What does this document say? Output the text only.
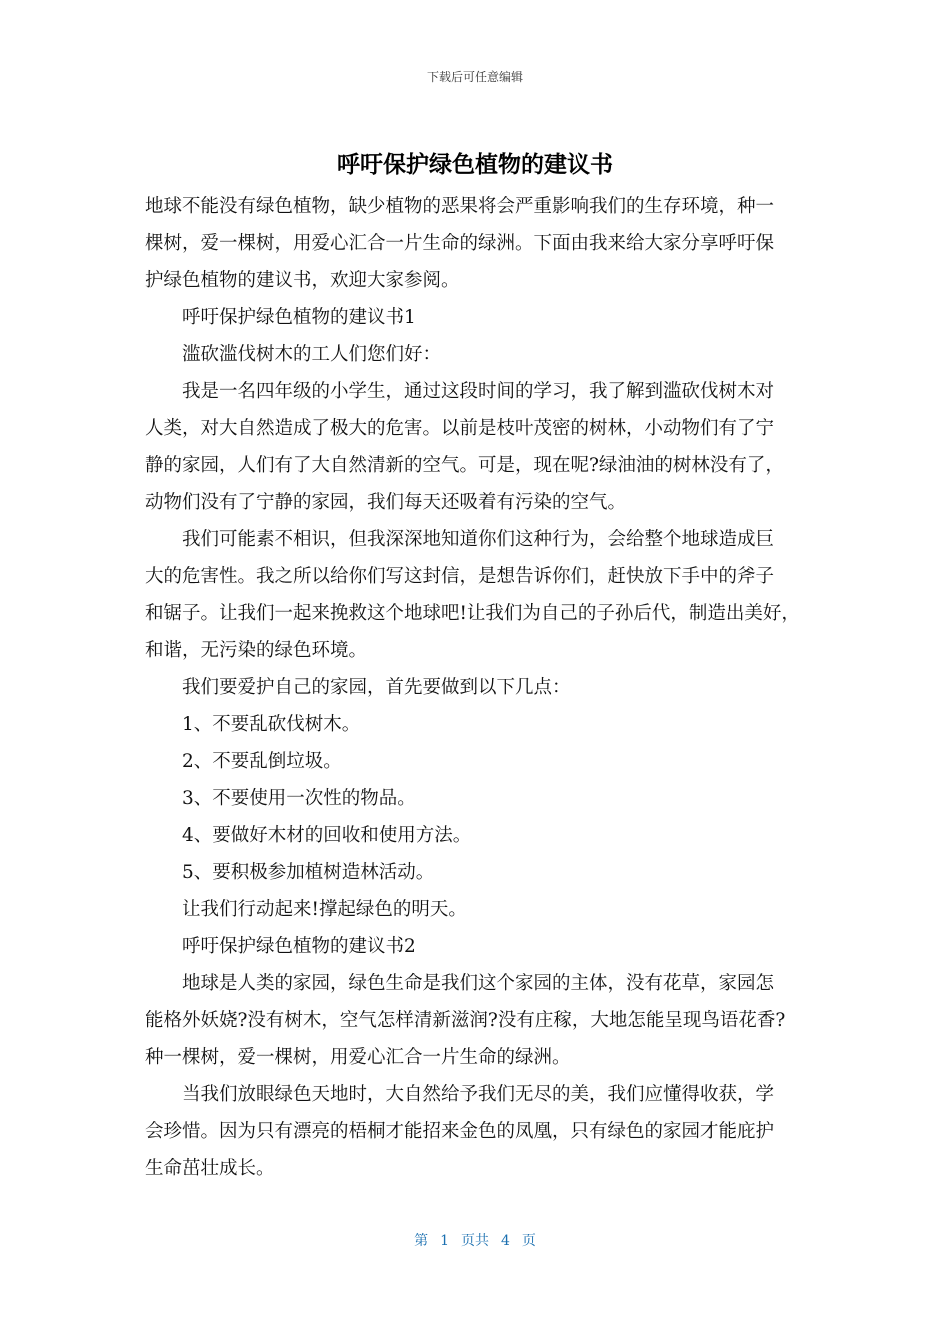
下载后可任意编辑
呼吁保护绿色植物的建议书
地球不能没有绿色植物，缺少植物的恶果将会严重影响我们的生存环境，种一
棵树，爱一棵树，用爱心汇合一片生命的绿洲。下面由我来给大家分享呼吁保
护绿色植物的建议书，欢迎大家参阅。
呼吁保护绿色植物的建议书1
滥砍滥伐树木的工人们您们好：
我是一名四年级的小学生，通过这段时间的学习，我了解到滥砍伐树木对
人类，对大自然造成了极大的危害。以前是枝叶茂密的树林，小动物们有了宁
静的家园，人们有了大自然清新的空气。可是，现在呢?绿油油的树林没有了，
动物们没有了宁静的家园，我们每天还吸着有污染的空气。
我们可能素不相识，但我深深地知道你们这种行为，会给整个地球造成巨
大的危害性。我之所以给你们写这封信，是想告诉你们，赶快放下手中的斧子
和锯子。让我们一起来挽救这个地球吧!让我们为自己的子孙后代，制造出美好，
和谐，无污染的绿色环境。
我们要爱护自己的家园，首先要做到以下几点：
1、不要乱砍伐树木。
2、不要乱倒垃圾。
3、不要使用一次性的物品。
4、要做好木材的回收和使用方法。
5、要积极参加植树造林活动。
让我们行动起来!撑起绿色的明天。
呼吁保护绿色植物的建议书2
地球是人类的家园，绿色生命是我们这个家园的主体，没有花草，家园怎
能格外妖娆?没有树木，空气怎样清新滋润?没有庄稼，大地怎能呈现鸟语花香?
种一棵树，爱一棵树，用爱心汇合一片生命的绿洲。
当我们放眼绿色天地时，大自然给予我们无尽的美，我们应懂得收获，学
会珍惜。因为只有漂亮的梧桐才能招来金色的凤凰，只有绿色的家园才能庇护
生命茁壮成长。
第 1 页共 4 页
